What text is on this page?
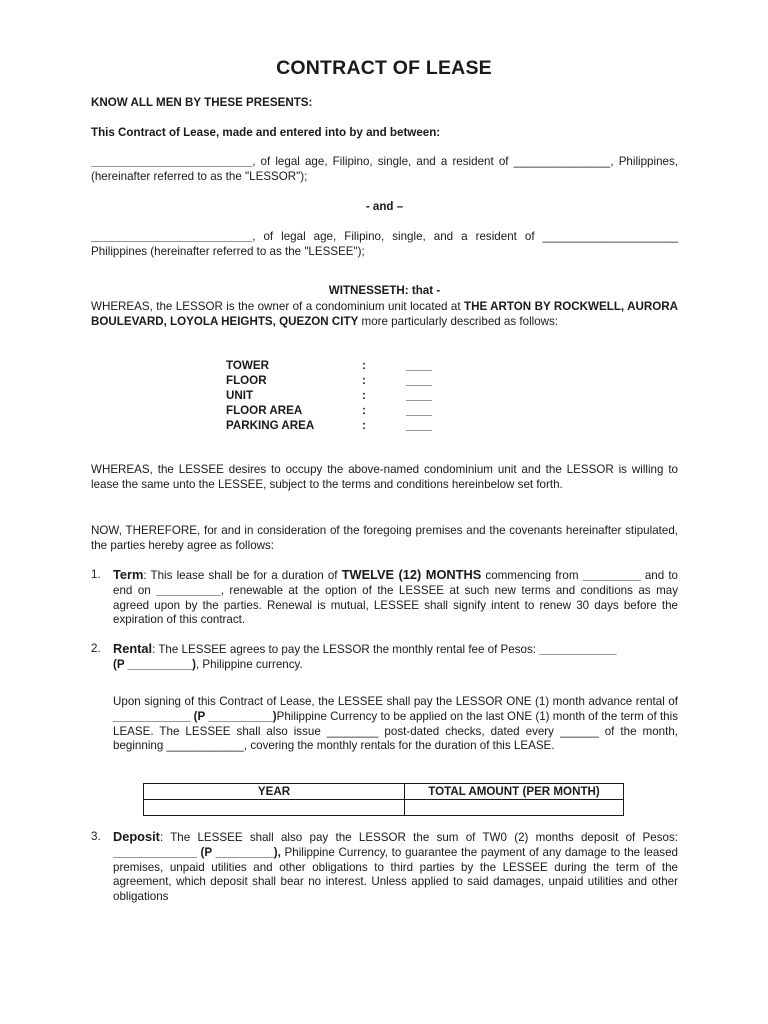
CONTRACT OF LEASE
KNOW ALL MEN BY THESE PRESENTS:
This Contract of Lease, made and entered into by and between:
_________________________, of legal age, Filipino, single, and a resident of _______________, Philippines, (hereinafter referred to as the "LESSOR");
- and –
_________________________, of legal age, Filipino, single, and a resident of _____________________ Philippines (hereinafter referred to as the "LESSEE");
WITNESSETH: that -
WHEREAS, the LESSOR is the owner of a condominium unit located at THE ARTON BY ROCKWELL, AURORA BOULEVARD, LOYOLA HEIGHTS, QUEZON CITY more particularly described as follows:
TOWER	:	____
FLOOR	:	____
UNIT	:	____
FLOOR AREA	:	____
PARKING AREA	:	____
WHEREAS, the LESSEE desires to occupy the above-named condominium unit and the LESSOR is willing to lease the same unto the LESSEE, subject to the terms and conditions hereinbelow set forth.
NOW, THEREFORE, for and in consideration of the foregoing premises and the covenants hereinafter stipulated, the parties hereby agree as follows:
1. Term: This lease shall be for a duration of TWELVE (12) MONTHS commencing from _________ and to end on __________, renewable at the option of the LESSEE at such new terms and conditions as may agreed upon by the parties. Renewal is mutual, LESSEE shall signify intent to renew 30 days before the expiration of this contract.
2. Rental: The LESSEE agrees to pay the LESSOR the monthly rental fee of Pesos: ____________
(P __________), Philippine currency.
Upon signing of this Contract of Lease, the LESSEE shall pay the LESSOR ONE (1) month advance rental of ____________ (P __________)Philippine Currency to be applied on the last ONE (1) month of the term of this LEASE. The LESSEE shall also issue ________ post-dated checks, dated every ______ of the month, beginning ____________, covering the monthly rentals for the duration of this LEASE.
YEAR	TOTAL AMOUNT (PER MONTH)

3. Deposit: The LESSEE shall also pay the LESSOR the sum of TW0 (2) months deposit of Pesos: _____________ (P _________), Philippine Currency, to guarantee the payment of any damage to the leased premises, unpaid utilities and other obligations to third parties by the LESSEE during the term of the agreement, which deposit shall bear no interest. Unless applied to said damages, unpaid utilities and other obligations
